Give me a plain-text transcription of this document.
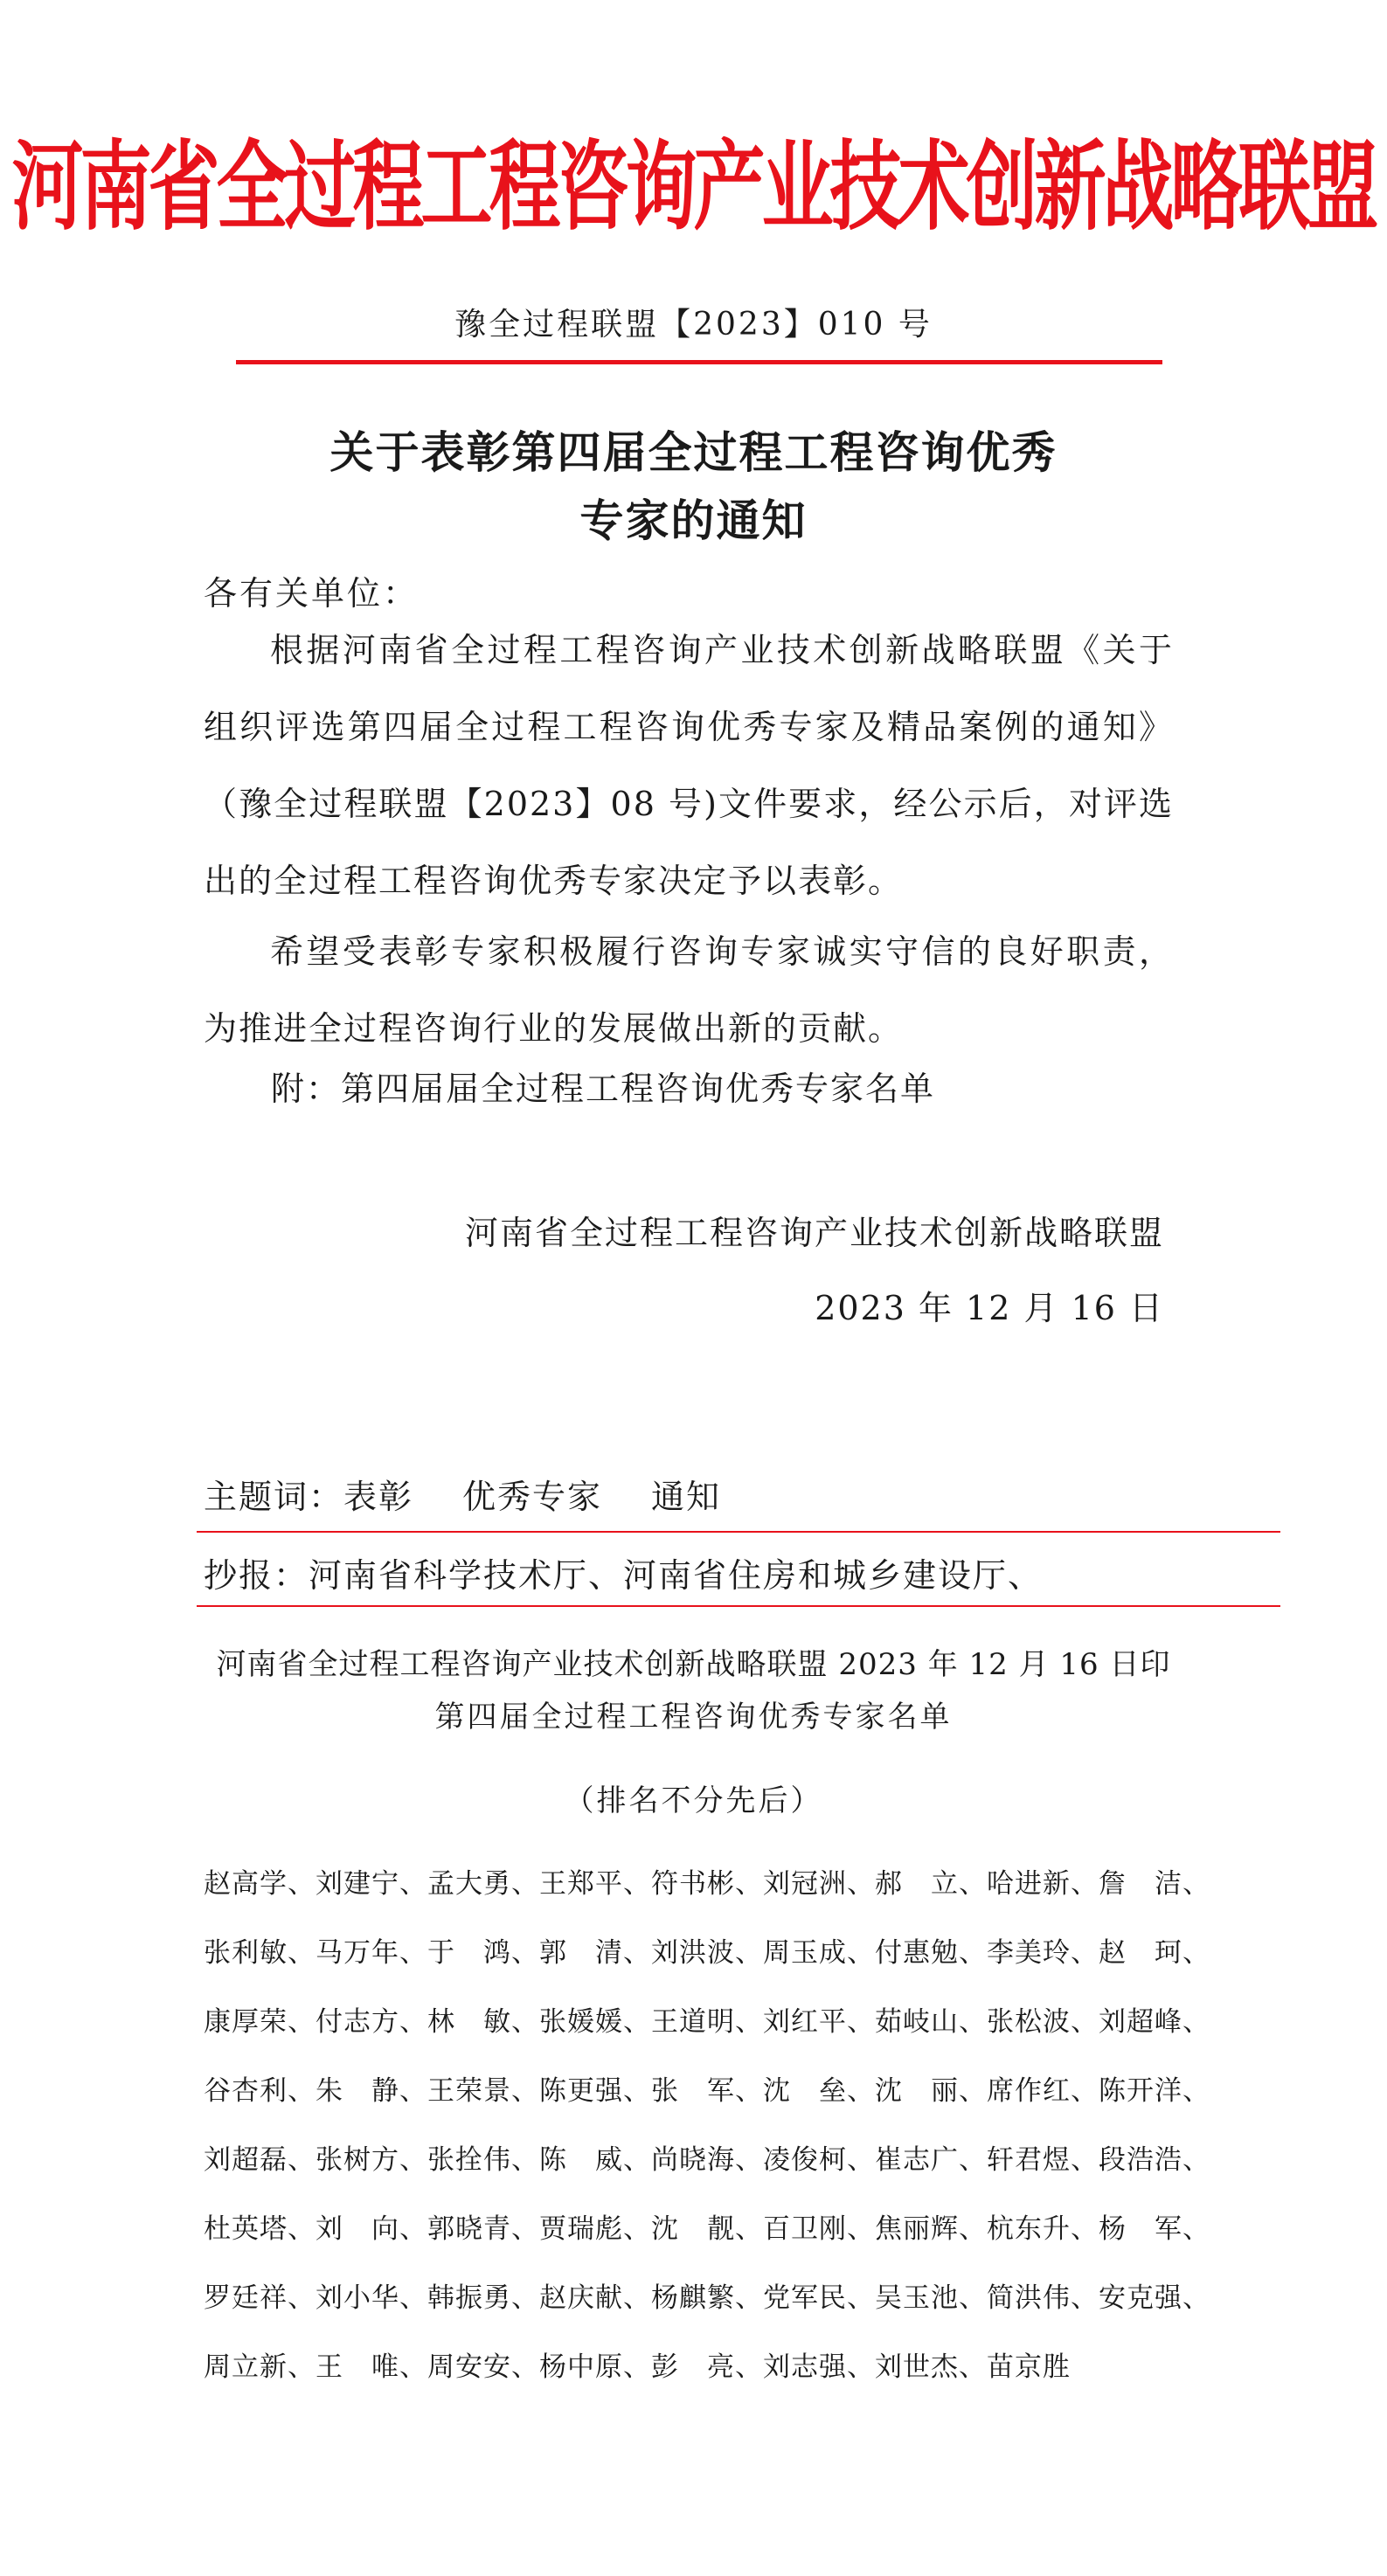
河南省全过程工程咨询产业技术创新战略联盟
豫全过程联盟【2023】010 号
关于表彰第四届全过程工程咨询优秀
专家的通知
各有关单位：
根据河南省全过程工程咨询产业技术创新战略联盟《关于组织评选第四届全过程工程咨询优秀专家及精品案例的通知》（豫全过程联盟【2023】08 号)文件要求，经公示后，对评选出的全过程工程咨询优秀专家决定予以表彰。
希望受表彰专家积极履行咨询专家诚实守信的良好职责，为推进全过程咨询行业的发展做出新的贡献。
附：第四届届全过程工程咨询优秀专家名单
河南省全过程工程咨询产业技术创新战略联盟
2023 年 12 月 16 日
主题词：表彰 优秀专家 通知
抄报：河南省科学技术厅、河南省住房和城乡建设厅、
河南省全过程工程咨询产业技术创新战略联盟 2023 年 12 月 16 日印
第四届全过程工程咨询优秀专家名单
（排名不分先后）
赵高学、刘建宁、孟大勇、王郑平、符书彬、刘冠洲、郝　立、哈进新、詹　洁、
张利敏、马万年、于　鸿、郭　清、刘洪波、周玉成、付惠勉、李美玲、赵　珂、
康厚荣、付志方、林　敏、张媛媛、王道明、刘红平、茹岐山、张松波、刘超峰、
谷杏利、朱　静、王荣景、陈更强、张　军、沈　垒、沈　丽、席作红、陈开洋、
刘超磊、张树方、张拴伟、陈　威、尚晓海、凌俊柯、崔志广、轩君煜、段浩浩、
杜英塔、刘　向、郭晓青、贾瑞彪、沈　靓、百卫刚、焦丽辉、杭东升、杨　军、
罗廷祥、刘小华、韩振勇、赵庆献、杨麒繁、党军民、吴玉池、简洪伟、安克强、
周立新、王　唯、周安安、杨中原、彭　亮、刘志强、刘世杰、苗京胜
